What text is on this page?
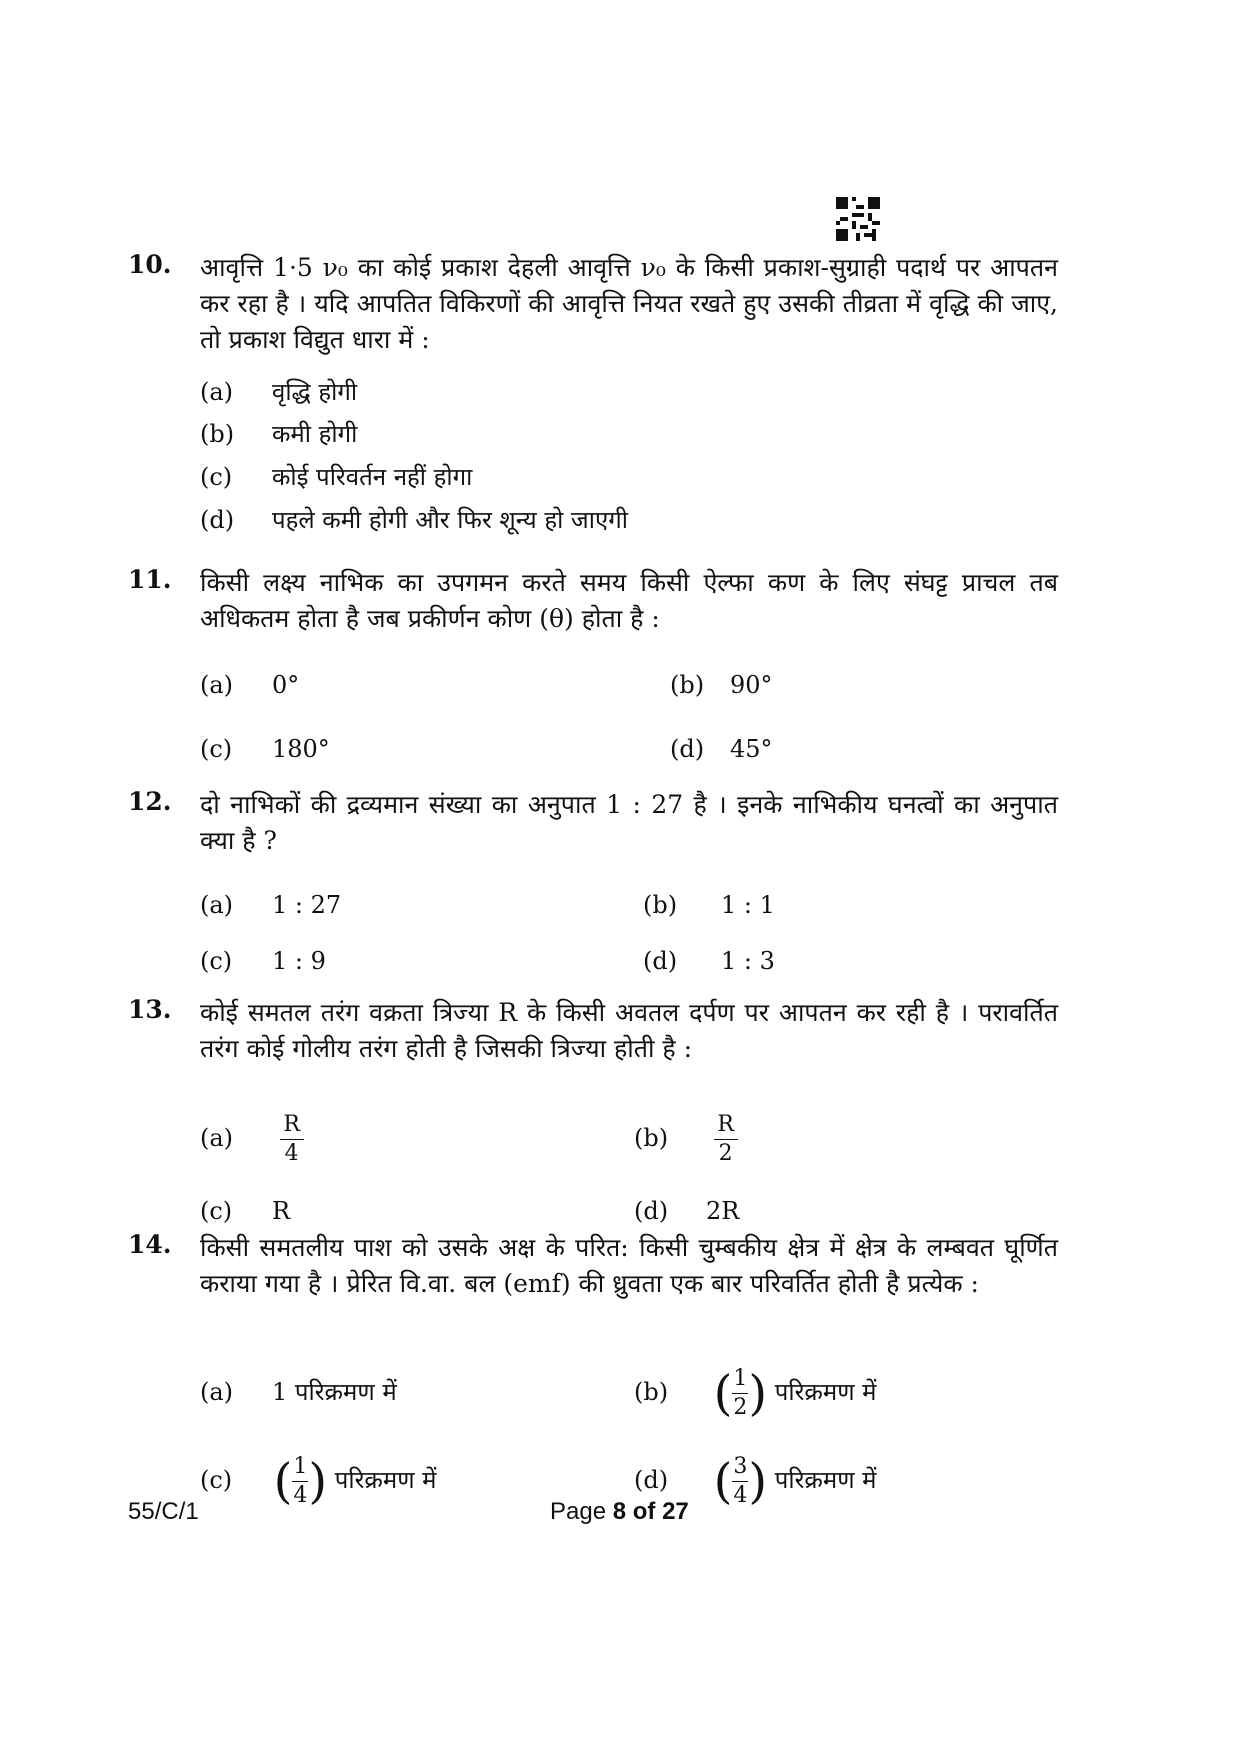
10. आवृत्ति 1·5 ν₀ का कोई प्रकाश देहली आवृत्ति ν₀ के किसी प्रकाश-सुग्राही पदार्थ पर आपतन कर रहा है । यदि आपतित विकिरणों की आवृत्ति नियत रखते हुए उसकी तीव्रता में वृद्धि की जाए, तो प्रकाश विद्युत धारा में :
(a) वृद्धि होगी
(b) कमी होगी
(c) कोई परिवर्तन नहीं होगा
(d) पहले कमी होगी और फिर शून्य हो जाएगी
11. किसी लक्ष्य नाभिक का उपगमन करते समय किसी ऐल्फा कण के लिए संघट्ट प्राचल तब अधिकतम होता है जब प्रकीर्णन कोण (θ) होता है :
(a) 0°	(b) 90°
(c) 180°	(d) 45°
12. दो नाभिकों की द्रव्यमान संख्या का अनुपात 1 : 27 है । इनके नाभिकीय घनत्वों का अनुपात क्या है ?
(a) 1 : 27	(b) 1 : 1
(c) 1 : 9	(d) 1 : 3
13. कोई समतल तरंग वक्रता त्रिज्या R के किसी अवतल दर्पण पर आपतन कर रही है । परावर्तित तरंग कोई गोलीय तरंग होती है जिसकी त्रिज्या होती है :
$(a) \frac{R}{4}$	$(b) \frac{R}{2}$
(c) R	(d) 2R
14. किसी समतलीय पाश को उसके अक्ष के परित: किसी चुम्बकीय क्षेत्र में क्षेत्र के लम्बवत घूर्णित कराया गया है । प्रेरित वि.वा. बल (emf) की ध्रुवता एक बार परिवर्तित होती है प्रत्येक :
(a) 1 परिक्रमण में	(b) ( $\frac{1}{2}$ ) परिक्रमण में
(c) ( $\frac{1}{4}$ ) परिक्रमण में	(d) ( $\frac{3}{4}$ ) परिक्रमण में
55/C/1	Page 8 of 27
